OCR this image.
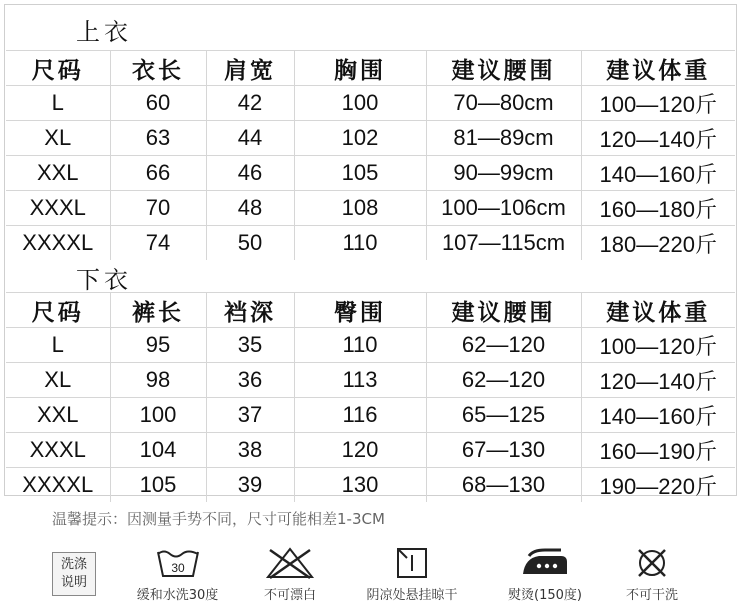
上衣
尺码	衣长	肩宽	胸围	建议腰围	建议体重
L	60	42	100	70—80cm	100—120斤
XL	63	44	102	81—89cm	120—140斤
XXL	66	46	105	90—99cm	140—160斤
XXXL	70	48	108	100—106cm	160—180斤
XXXXL	74	50	110	107—115cm	180—220斤
下衣
尺码	裤长	裆深	臀围	建议腰围	建议体重
L	95	35	110	62—120	100—120斤
XL	98	36	113	62—120	120—140斤
XXL	100	37	116	65—125	140—160斤
XXXL	104	38	120	67—130	160—190斤
XXXXL	105	39	130	68—130	190—220斤
温馨提示：因测量手势不同，尺寸可能相差1-3CM
洗涤
说明
30
缓和水洗30度	不可漂白	阴凉处悬挂晾干	熨烫(150度)	不可干洗
